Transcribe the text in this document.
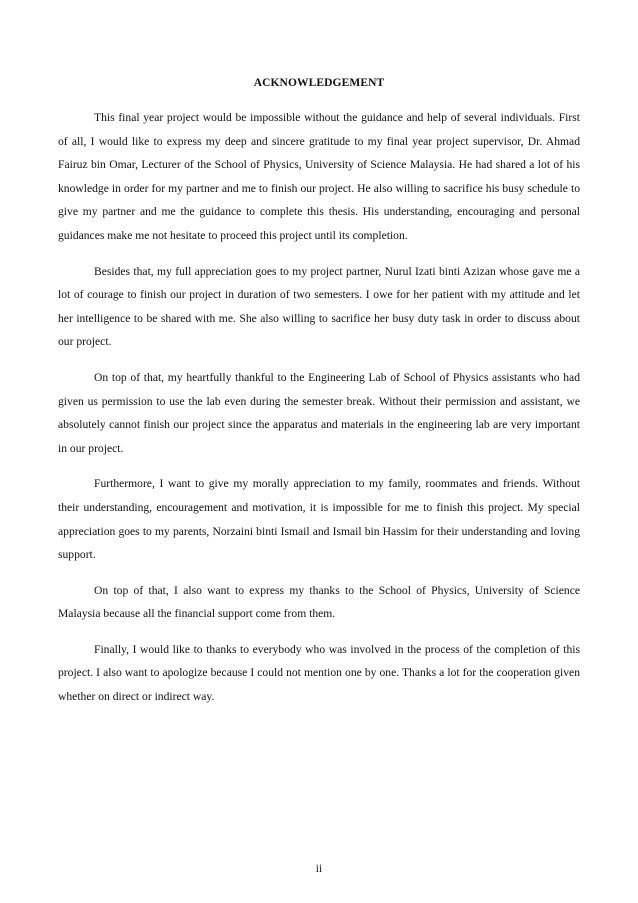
ACKNOWLEDGEMENT

This final year project would be impossible without the guidance and help of several individuals. First of all, I would like to express my deep and sincere gratitude to my final year project supervisor, Dr. Ahmad Fairuz bin Omar, Lecturer of the School of Physics, University of Science Malaysia. He had shared a lot of his knowledge in order for my partner and me to finish our project. He also willing to sacrifice his busy schedule to give my partner and me the guidance to complete this thesis. His understanding, encouraging and personal guidances make me not hesitate to proceed this project until its completion.

Besides that, my full appreciation goes to my project partner, Nurul Izati binti Azizan whose gave me a lot of courage to finish our project in duration of two semesters. I owe for her patient with my attitude and let her intelligence to be shared with me. She also willing to sacrifice her busy duty task in order to discuss about our project.

On top of that, my heartfully thankful to the Engineering Lab of School of Physics assistants who had given us permission to use the lab even during the semester break. Without their permission and assistant, we absolutely cannot finish our project since the apparatus and materials in the engineering lab are very important in our project.

Furthermore, I want to give my morally appreciation to my family, roommates and friends. Without their understanding, encouragement and motivation, it is impossible for me to finish this project. My special appreciation goes to my parents, Norzaini binti Ismail and Ismail bin Hassim for their understanding and loving support.

On top of that, I also want to express my thanks to the School of Physics, University of Science Malaysia because all the financial support come from them.

Finally, I would like to thanks to everybody who was involved in the process of the completion of this project. I also want to apologize because I could not mention one by one. Thanks a lot for the cooperation given whether on direct or indirect way.

ii
